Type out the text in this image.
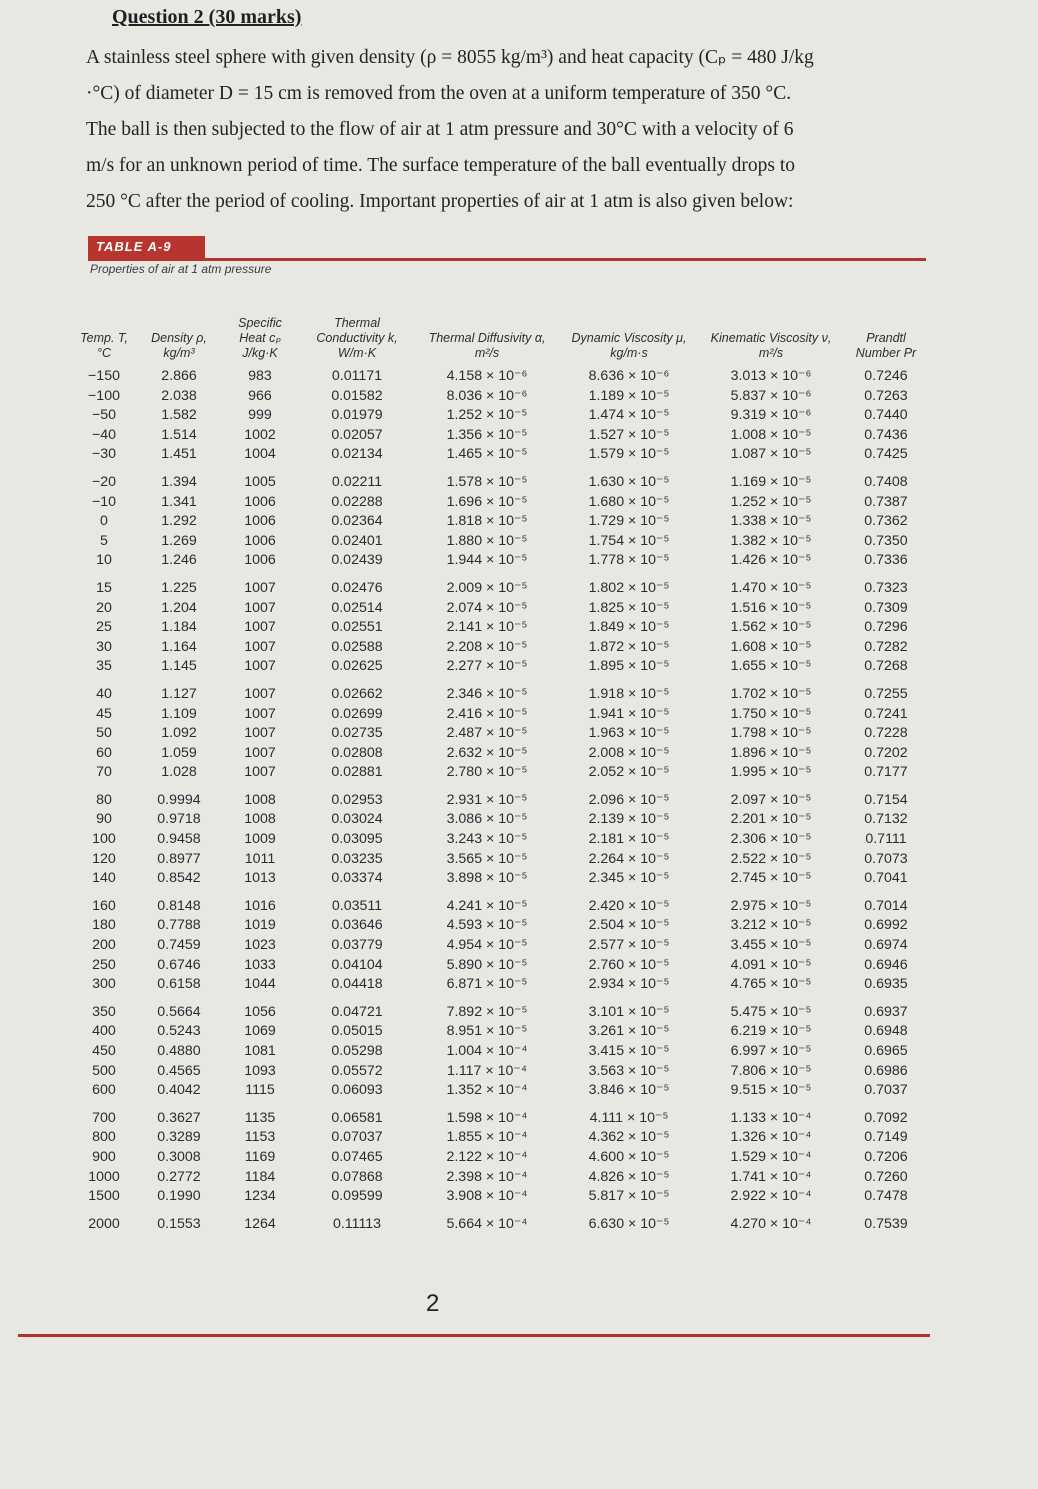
Question 2 (30 marks)
A stainless steel sphere with given density (ρ = 8055 kg/m³) and heat capacity (Cₚ = 480 J/kg
·°C) of diameter D = 15 cm is removed from the oven at a uniform temperature of 350 °C.
The ball is then subjected to the flow of air at 1 atm pressure and 30°C with a velocity of 6
m/s for an unknown period of time. The surface temperature of the ball eventually drops to
250 °C after the period of cooling. Important properties of air at 1 atm is also given below:
TABLE A-9
Properties of air at 1 atm pressure
Temp. T, °C	Density ρ, kg/m³	Specific Heat cₚ J/kg·K	Thermal Conductivity k, W/m·K	Thermal Diffusivity α, m²/s	Dynamic Viscosity μ, kg/m·s	Kinematic Viscosity ν, m²/s	Prandtl Number Pr
−150	2.866	983	0.01171	4.158 × 10⁻⁶	8.636 × 10⁻⁶	3.013 × 10⁻⁶	0.7246
−100	2.038	966	0.01582	8.036 × 10⁻⁶	1.189 × 10⁻⁵	5.837 × 10⁻⁶	0.7263
−50	1.582	999	0.01979	1.252 × 10⁻⁵	1.474 × 10⁻⁵	9.319 × 10⁻⁶	0.7440
−40	1.514	1002	0.02057	1.356 × 10⁻⁵	1.527 × 10⁻⁵	1.008 × 10⁻⁵	0.7436
−30	1.451	1004	0.02134	1.465 × 10⁻⁵	1.579 × 10⁻⁵	1.087 × 10⁻⁵	0.7425
−20	1.394	1005	0.02211	1.578 × 10⁻⁵	1.630 × 10⁻⁵	1.169 × 10⁻⁵	0.7408
−10	1.341	1006	0.02288	1.696 × 10⁻⁵	1.680 × 10⁻⁵	1.252 × 10⁻⁵	0.7387
0	1.292	1006	0.02364	1.818 × 10⁻⁵	1.729 × 10⁻⁵	1.338 × 10⁻⁵	0.7362
5	1.269	1006	0.02401	1.880 × 10⁻⁵	1.754 × 10⁻⁵	1.382 × 10⁻⁵	0.7350
10	1.246	1006	0.02439	1.944 × 10⁻⁵	1.778 × 10⁻⁵	1.426 × 10⁻⁵	0.7336
15	1.225	1007	0.02476	2.009 × 10⁻⁵	1.802 × 10⁻⁵	1.470 × 10⁻⁵	0.7323
20	1.204	1007	0.02514	2.074 × 10⁻⁵	1.825 × 10⁻⁵	1.516 × 10⁻⁵	0.7309
25	1.184	1007	0.02551	2.141 × 10⁻⁵	1.849 × 10⁻⁵	1.562 × 10⁻⁵	0.7296
30	1.164	1007	0.02588	2.208 × 10⁻⁵	1.872 × 10⁻⁵	1.608 × 10⁻⁵	0.7282
35	1.145	1007	0.02625	2.277 × 10⁻⁵	1.895 × 10⁻⁵	1.655 × 10⁻⁵	0.7268
40	1.127	1007	0.02662	2.346 × 10⁻⁵	1.918 × 10⁻⁵	1.702 × 10⁻⁵	0.7255
45	1.109	1007	0.02699	2.416 × 10⁻⁵	1.941 × 10⁻⁵	1.750 × 10⁻⁵	0.7241
50	1.092	1007	0.02735	2.487 × 10⁻⁵	1.963 × 10⁻⁵	1.798 × 10⁻⁵	0.7228
60	1.059	1007	0.02808	2.632 × 10⁻⁵	2.008 × 10⁻⁵	1.896 × 10⁻⁵	0.7202
70	1.028	1007	0.02881	2.780 × 10⁻⁵	2.052 × 10⁻⁵	1.995 × 10⁻⁵	0.7177
80	0.9994	1008	0.02953	2.931 × 10⁻⁵	2.096 × 10⁻⁵	2.097 × 10⁻⁵	0.7154
90	0.9718	1008	0.03024	3.086 × 10⁻⁵	2.139 × 10⁻⁵	2.201 × 10⁻⁵	0.7132
100	0.9458	1009	0.03095	3.243 × 10⁻⁵	2.181 × 10⁻⁵	2.306 × 10⁻⁵	0.7111
120	0.8977	1011	0.03235	3.565 × 10⁻⁵	2.264 × 10⁻⁵	2.522 × 10⁻⁵	0.7073
140	0.8542	1013	0.03374	3.898 × 10⁻⁵	2.345 × 10⁻⁵	2.745 × 10⁻⁵	0.7041
160	0.8148	1016	0.03511	4.241 × 10⁻⁵	2.420 × 10⁻⁵	2.975 × 10⁻⁵	0.7014
180	0.7788	1019	0.03646	4.593 × 10⁻⁵	2.504 × 10⁻⁵	3.212 × 10⁻⁵	0.6992
200	0.7459	1023	0.03779	4.954 × 10⁻⁵	2.577 × 10⁻⁵	3.455 × 10⁻⁵	0.6974
250	0.6746	1033	0.04104	5.890 × 10⁻⁵	2.760 × 10⁻⁵	4.091 × 10⁻⁵	0.6946
300	0.6158	1044	0.04418	6.871 × 10⁻⁵	2.934 × 10⁻⁵	4.765 × 10⁻⁵	0.6935
350	0.5664	1056	0.04721	7.892 × 10⁻⁵	3.101 × 10⁻⁵	5.475 × 10⁻⁵	0.6937
400	0.5243	1069	0.05015	8.951 × 10⁻⁵	3.261 × 10⁻⁵	6.219 × 10⁻⁵	0.6948
450	0.4880	1081	0.05298	1.004 × 10⁻⁴	3.415 × 10⁻⁵	6.997 × 10⁻⁵	0.6965
500	0.4565	1093	0.05572	1.117 × 10⁻⁴	3.563 × 10⁻⁵	7.806 × 10⁻⁵	0.6986
600	0.4042	1115	0.06093	1.352 × 10⁻⁴	3.846 × 10⁻⁵	9.515 × 10⁻⁵	0.7037
700	0.3627	1135	0.06581	1.598 × 10⁻⁴	4.111 × 10⁻⁵	1.133 × 10⁻⁴	0.7092
800	0.3289	1153	0.07037	1.855 × 10⁻⁴	4.362 × 10⁻⁵	1.326 × 10⁻⁴	0.7149
900	0.3008	1169	0.07465	2.122 × 10⁻⁴	4.600 × 10⁻⁵	1.529 × 10⁻⁴	0.7206
1000	0.2772	1184	0.07868	2.398 × 10⁻⁴	4.826 × 10⁻⁵	1.741 × 10⁻⁴	0.7260
1500	0.1990	1234	0.09599	3.908 × 10⁻⁴	5.817 × 10⁻⁵	2.922 × 10⁻⁴	0.7478
2000	0.1553	1264	0.11113	5.664 × 10⁻⁴	6.630 × 10⁻⁵	4.270 × 10⁻⁴	0.7539
2
